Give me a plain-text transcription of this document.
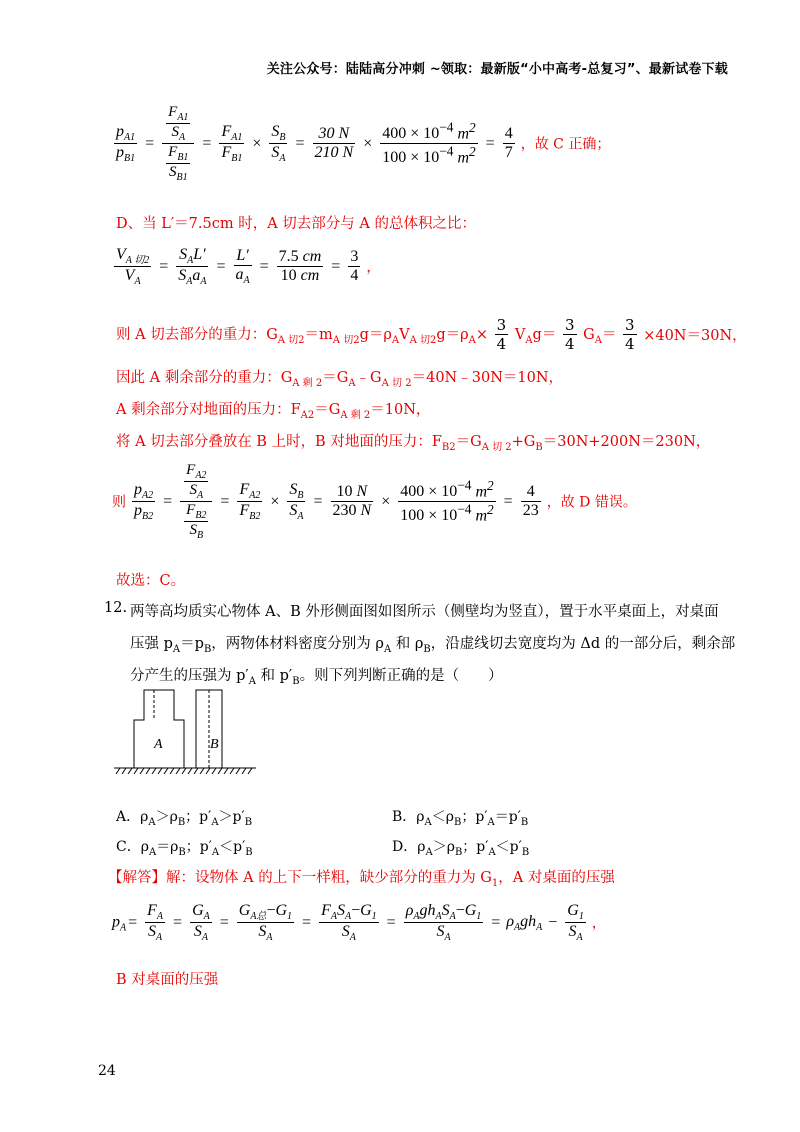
关注公众号：陆陆高分冲刺 ~领取：最新版“小中高考-总复习”、最新试卷下载
$\frac{p_{A1}}{p_{B1}} = \frac{\frac{F_{A1}}{S_A}}{\frac{F_{B1}}{S_{B1}}} = \frac{F_{A1}}{F_{B1}} \times \frac{S_B}{S_A} = \frac{30 N}{210 N} \times \frac{400 \times 10^{-4} m^2}{100 \times 10^{-4} m^2} = \frac{4}{7}$ ，故 C 正确；
D、当 L′＝7.5cm 时，A 切去部分与 A 的总体积之比：
$\frac{V_{A 切2}}{V_A} = \frac{S_AL'}{S_Aa_A} = \frac{L'}{a_A} = \frac{7.5 cm}{10 cm} = \frac{3}{4}$ ，
则 A 切去部分的重力：$G_{A 切2}=m_{A 切2}g=\rho_AV_{A 切2}g=\rho_A\times \frac{3}{4} V_Ag= \frac{3}{4} G_A= \frac{3}{4} \times 40N=30N$，
因此 A 剩余部分的重力：$G_{A 剩 2}=G_A﹣G_{A 切 2}=40N﹣30N=10N$，
A 剩余部分对地面的压力：$F_{A2}=G_{A 剩 2}=10N$，
将 A 切去部分叠放在 B 上时，B 对地面的压力：$F_{B2}=G_{A 切 2}+G_B=30N+200N=230N$，
则 $\frac{p_{A2}}{p_{B2}} = \frac{\frac{F_{A2}}{S_A}}{\frac{F_{B2}}{S_B}} = \frac{F_{A2}}{F_{B2}} \times \frac{S_B}{S_A} = \frac{10 N}{230 N} \times \frac{400 \times 10^{-4} m^2}{100 \times 10^{-4} m^2} = \frac{4}{23}$ ，故 D 错误。
故选：C。
12. 两等高均质实心物体 A、B 外形侧面图如图所示（侧壁均为竖直），置于水平桌面上，对桌面
压强 $p_A=p_B$，两物体材料密度分别为 $\rho_A$ 和 $\rho_B$，沿虚线切去宽度均为 Δd 的一部分后，剩余部
分产生的压强为 $p'_A$ 和 $p'_B$。则下列判断正确的是（　　）
A	B
A．$\rho_A>\rho_B$；$p'_A>p'_B$	B．$\rho_A<\rho_B$；$p'_A=p'_B$
C．$\rho_A=\rho_B$；$p'_A<p'_B$	D．$\rho_A>\rho_B$；$p'_A<p'_B$
【解答】解：设物体 A 的上下一样粗，缺少部分的重力为 $G_1$，A 对桌面的压强
$p_A = \frac{F_A}{S_A} = \frac{G_A}{S_A} = \frac{G_{A总}-G_1}{S_A} = \frac{F_AS_A-G_1}{S_A} = \frac{\rho_Agh_AS_A-G_1}{S_A} = \rho_Agh_A - \frac{G_1}{S_A}$ ，
B 对桌面的压强
24
